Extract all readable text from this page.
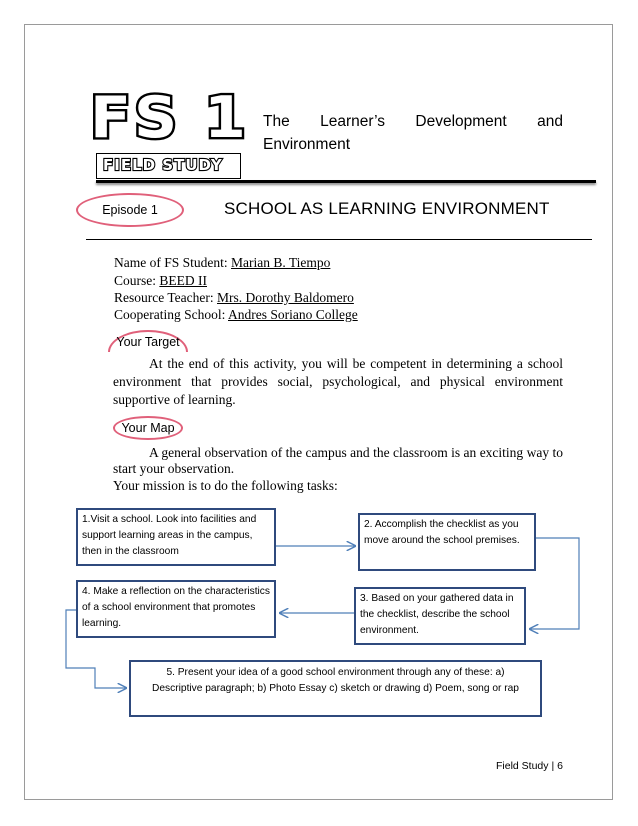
FS 1
FIELD STUDY
The Learner’s Development and
Environment
Episode 1	SCHOOL AS LEARNING ENVIRONMENT
Name of FS Student: Marian B. Tiempo
Course: BEED II
Resource Teacher: Mrs. Dorothy Baldomero
Cooperating School: Andres Soriano College
Your Target
At the end of this activity, you will be competent in determining a school environment that provides social, psychological, and physical environment supportive of learning.
Your Map
A general observation of the campus and the classroom is an exciting way to start your observation.
Your mission is to do the following tasks:
1.Visit a school. Look into facilities and support learning areas in the campus, then in the classroom
2. Accomplish the checklist as you move around the school premises.
3. Based on your gathered data in the checklist, describe the school environment.
4. Make a reflection on the characteristics of a school environment that promotes learning.
5. Present your idea of a good school environment through any of these: a) Descriptive paragraph; b) Photo Essay c) sketch or drawing d) Poem, song or rap
Field Study | 6
